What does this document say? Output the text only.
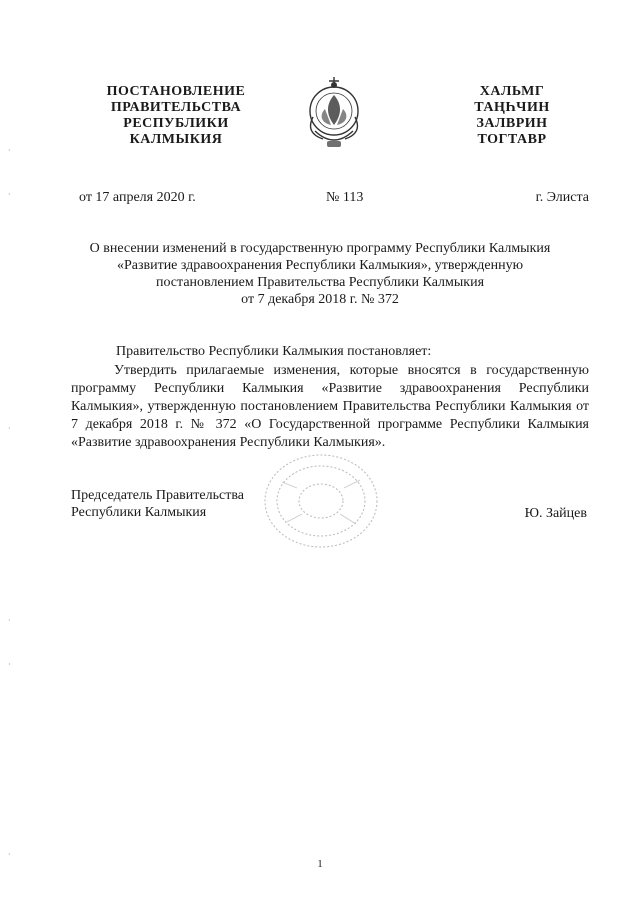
ПОСТАНОВЛЕНИЕ
ПРАВИТЕЛЬСТВА
РЕСПУБЛИКИ
КАЛМЫКИЯ
ХАЛЬМГ
ТАҢҺЧИН
ЗАЛВРИН
ТОГТАВР
от 17 апреля 2020 г.	№ 113	г. Элиста
О внесении изменений в государственную программу Республики Калмыкия
«Развитие здравоохранения Республики Калмыкия», утвержденную
постановлением Правительства Республики Калмыкия
от 7 декабря 2018 г. № 372
Правительство Республики Калмыкия постановляет:
Утвердить прилагаемые изменения, которые вносятся в государственную программу Республики Калмыкия «Развитие здравоохранения Республики Калмыкия», утвержденную постановлением Правительства Республики Калмыкия от 7 декабря 2018 г. № 372 «О Государственной программе Республики Калмыкия «Развитие здравоохранения Республики Калмыкия».
Председатель Правительства
Республики Калмыкия	Ю. Зайцев
1
·
·
·
·
·
·
